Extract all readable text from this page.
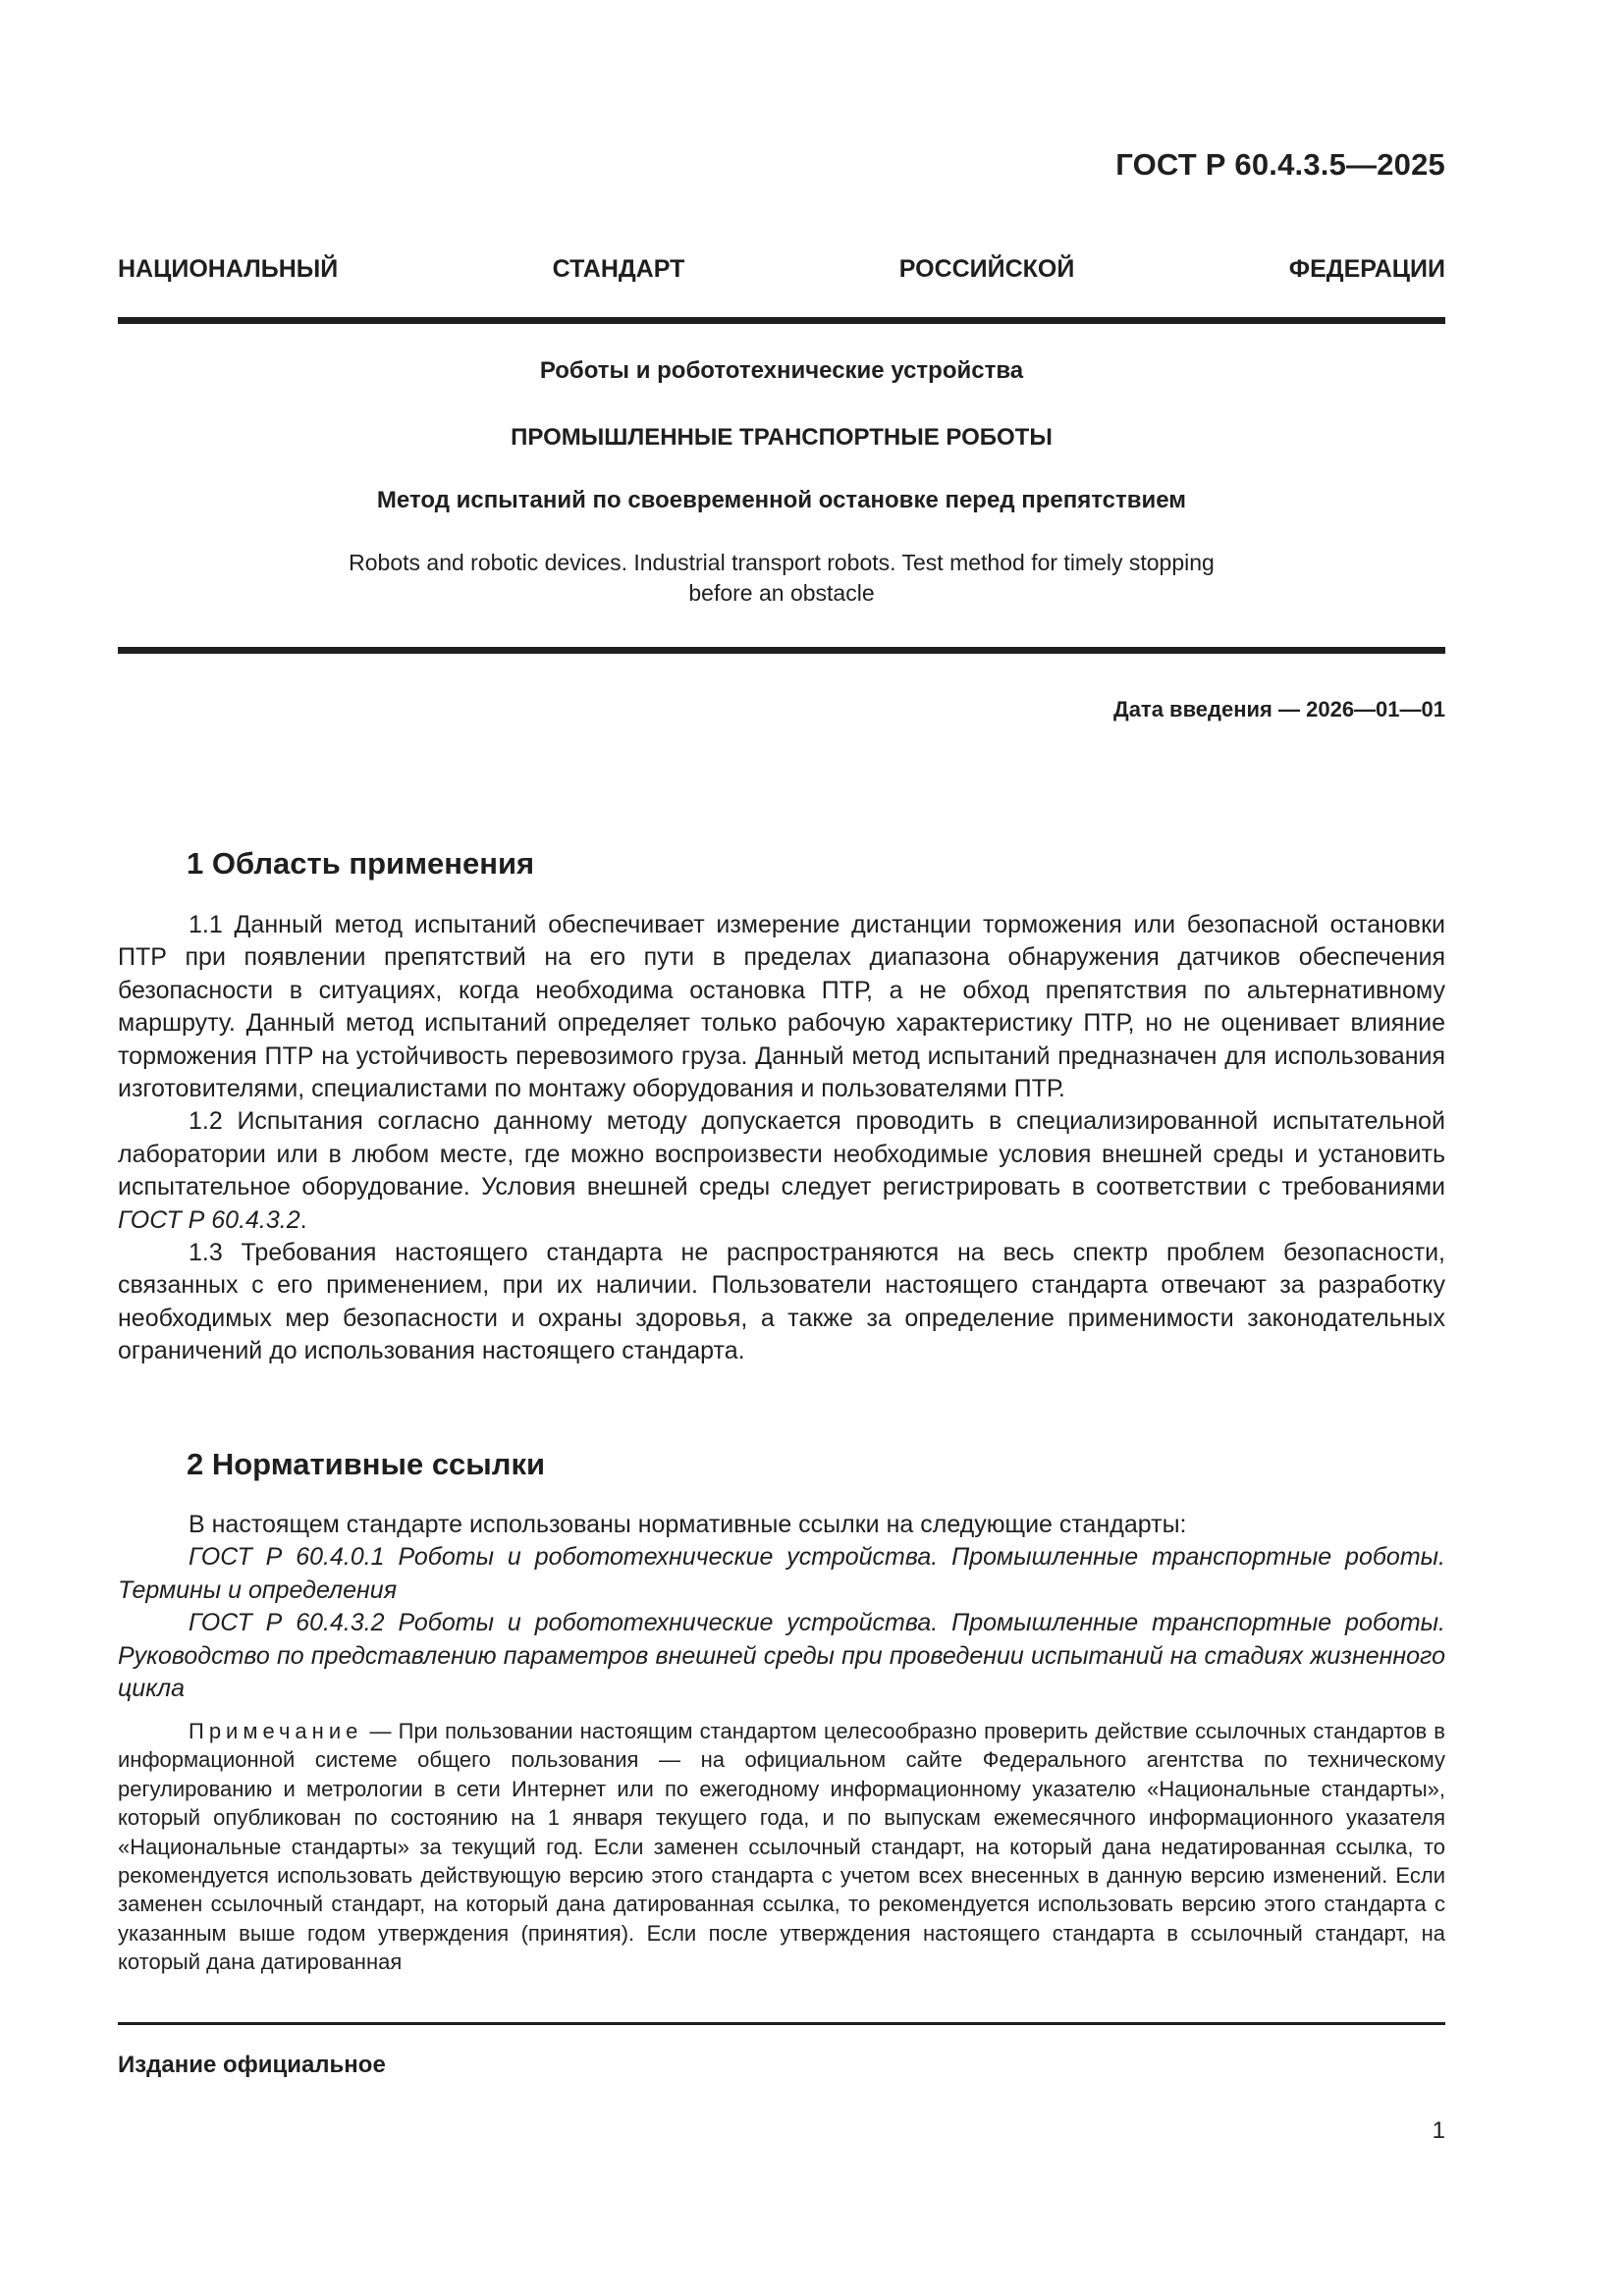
ГОСТ Р 60.4.3.5—2025
НАЦИОНАЛЬНЫЙ СТАНДАРТ РОССИЙСКОЙ ФЕДЕРАЦИИ
Роботы и робототехнические устройства
ПРОМЫШЛЕННЫЕ ТРАНСПОРТНЫЕ РОБОТЫ
Метод испытаний по своевременной остановке перед препятствием
Robots and robotic devices. Industrial transport robots. Test method for timely stopping
before an obstacle
Дата введения — 2026—01—01
1 Область применения

1.1 Данный метод испытаний обеспечивает измерение дистанции торможения или безопасной остановки ПТР при появлении препятствий на его пути в пределах диапазона обнаружения датчиков обеспечения безопасности в ситуациях, когда необходима остановка ПТР, а не обход препятствия по альтернативному маршруту. Данный метод испытаний определяет только рабочую характеристику ПТР, но не оценивает влияние торможения ПТР на устойчивость перевозимого груза. Данный метод испытаний предназначен для использования изготовителями, специалистами по монтажу оборудования и пользователями ПТР.

1.2 Испытания согласно данному методу допускается проводить в специализированной испытательной лаборатории или в любом месте, где можно воспроизвести необходимые условия внешней среды и установить испытательное оборудование. Условия внешней среды следует регистрировать в соответствии с требованиями ГОСТ Р 60.4.3.2.

1.3 Требования настоящего стандарта не распространяются на весь спектр проблем безопасности, связанных с его применением, при их наличии. Пользователи настоящего стандарта отвечают за разработку необходимых мер безопасности и охраны здоровья, а также за определение применимости законодательных ограничений до использования настоящего стандарта.

2 Нормативные ссылки

В настоящем стандарте использованы нормативные ссылки на следующие стандарты:

ГОСТ Р 60.4.0.1 Роботы и робототехнические устройства. Промышленные транспортные роботы. Термины и определения

ГОСТ Р 60.4.3.2 Роботы и робототехнические устройства. Промышленные транспортные роботы. Руководство по представлению параметров внешней среды при проведении испытаний на стадиях жизненного цикла

Примечание — При пользовании настоящим стандартом целесообразно проверить действие ссылочных стандартов в информационной системе общего пользования — на официальном сайте Федерального агентства по техническому регулированию и метрологии в сети Интернет или по ежегодному информационному указателю «Национальные стандарты», который опубликован по состоянию на 1 января текущего года, и по выпускам ежемесячного информационного указателя «Национальные стандарты» за текущий год. Если заменен ссылочный стандарт, на который дана недатированная ссылка, то рекомендуется использовать действующую версию этого стандарта с учетом всех внесенных в данную версию изменений. Если заменен ссылочный стандарт, на который дана датированная ссылка, то рекомендуется использовать версию этого стандарта с указанным выше годом утверждения (принятия). Если после утверждения настоящего стандарта в ссылочный стандарт, на который дана датированная
Издание официальное
1
